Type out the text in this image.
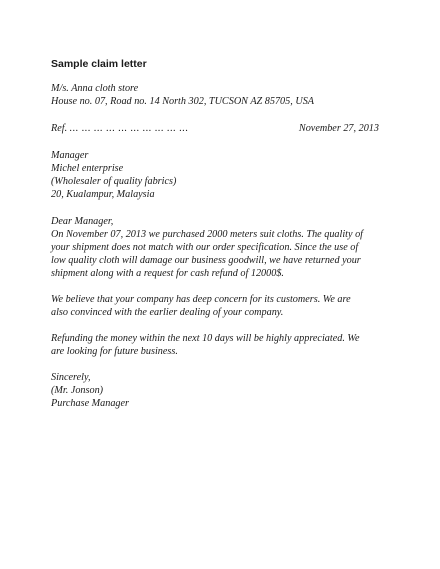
Sample claim letter
M/s. Anna cloth store
House no. 07, Road no. 14 North 302, TUCSON AZ 85705, USA
Ref. ... ... ... ... ... ... ... ... ... ...	November 27, 2013
Manager
Michel enterprise
(Wholesaler of quality fabrics)
20, Kualampur, Malaysia
Dear Manager,
On November 07, 2013 we purchased 2000 meters suit cloths. The quality of
your shipment does not match with our order specification. Since the use of
low quality cloth will damage our business goodwill, we have returned your
shipment along with a request for cash refund of 12000$.
We believe that your company has deep concern for its customers. We are
also convinced with the earlier dealing of your company.
Refunding the money within the next 10 days will be highly appreciated. We
are looking for future business.
Sincerely,
(Mr. Jonson)
Purchase Manager
